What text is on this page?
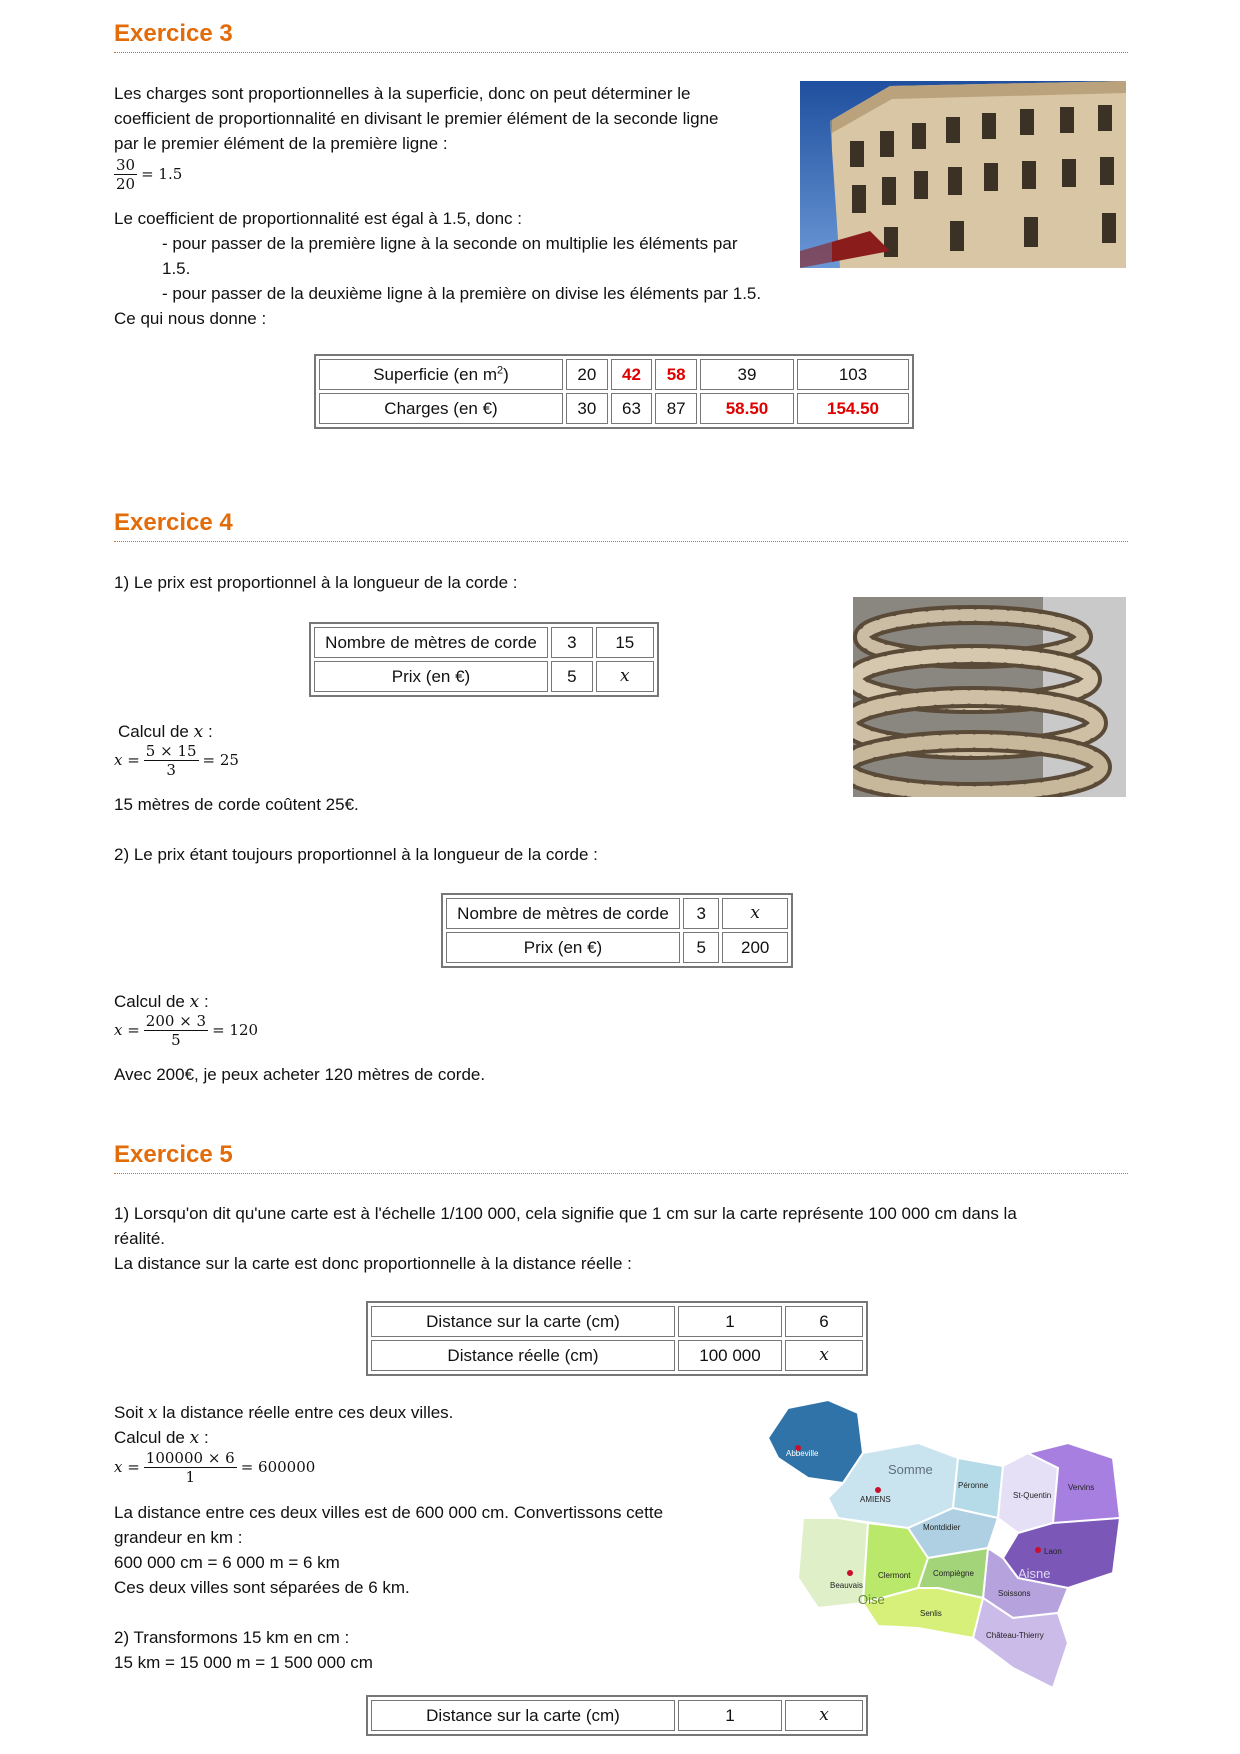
Exercice 3

Les charges sont proportionnelles à la superficie, donc on peut déterminer le

coefficient de proportionnalité en divisant le premier élément de la seconde ligne

par le premier élément de la première ligne :

$\frac{30}{20} = 1.5$

Le coefficient de proportionnalité est égal à 1.5, donc :

- pour passer de la première ligne à la seconde on multiplie les éléments par

1.5.

- pour passer de la deuxième ligne à la première on divise les éléments par 1.5.

Ce qui nous donne :

Superficie (en $m^2$)	20	42	58	39	103
Charges (en €)	30	63	87	58.50	154.50
Exercice 4

1) Le prix est proportionnel à la longueur de la corde :

Nombre de mètres de corde	3	15
Prix (en €)	5	x
Calcul de x :
$x = \frac{5 \times 15}{3} = 25$

15 mètres de corde coûtent 25€.

2) Le prix étant toujours proportionnel à la longueur de la corde :

Nombre de mètres de corde	3	x
Prix (en €)	5	200
Calcul de x :
$x = \frac{200 \times 3}{5} = 120$

Avec 200€, je peux acheter 120 mètres de corde.

Exercice 5

1) Lorsqu'on dit qu'une carte est à l'échelle 1/100 000, cela signifie que 1 cm sur la carte représente 100 000 cm dans la

réalité.

La distance sur la carte est donc proportionnelle à la distance réelle :

Distance sur la carte (cm)	1	6
Distance réelle (cm)	100 000	x
Soit x la distance réelle entre ces deux villes.
Calcul de x :
$x = \frac{100000 \times 6}{1} = 600000$

La distance entre ces deux villes est de 600 000 cm. Convertissons cette

grandeur en km :

600 000 cm = 6 000 m = 6 km

Ces deux villes sont séparées de 6 km.

2) Transformons 15 km en cm :

15 km = 15 000 m = 1 500 000 cm

Distance sur la carte (cm)	1	x
Abbeville
Somme
Péronne
AMIENS	St-Quentin
Vervins
Montdidier
Laon
Clermont	Compiègne	Aisne
Beauvais
Oise	Soissons
Senlis
Château-Thierry
